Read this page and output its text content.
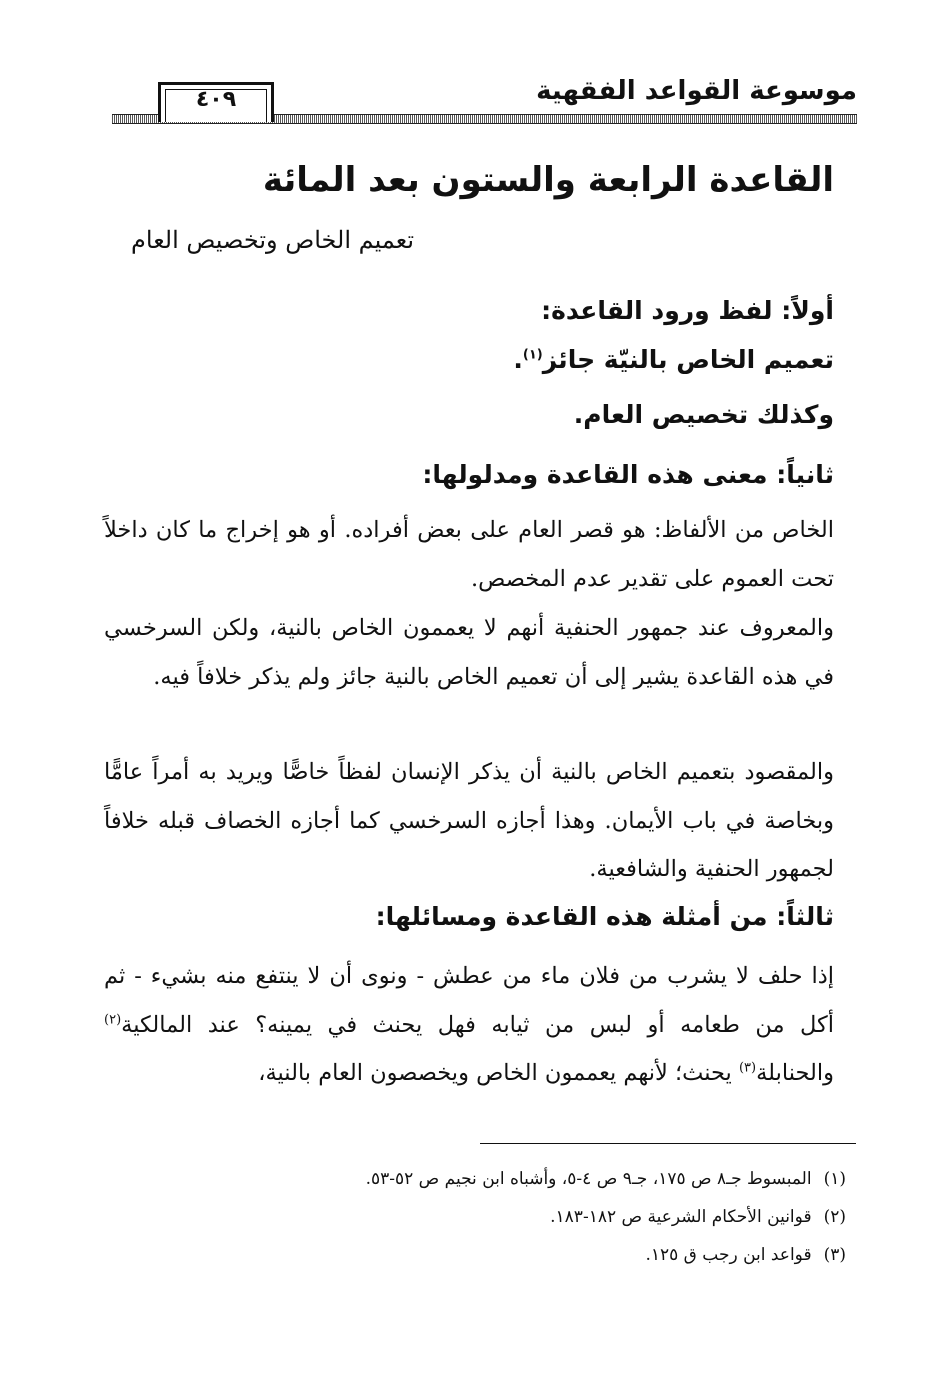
موسوعة القواعد الفقهية
٤٠٩
القاعدة الرابعة والستون بعد المائة
تعميم الخاص وتخصيص العام
أولاً: لفظ ورود القاعدة:
تعميم الخاص بالنيّة جائز$^{(١)}$.
وكذلك تخصيص العام.
ثانياً: معنى هذه القاعدة ومدلولها:
الخاص من الألفاظ: هو قصر العام على بعض أفراده. أو هو إخراج ما كان داخلاً تحت العموم على تقدير عدم المخصص.
والمعروف عند جمهور الحنفية أنهم لا يعممون الخاص بالنية، ولكن السرخسي في هذه القاعدة يشير إلى أن تعميم الخاص بالنية جائز ولم يذكر خلافاً فيه.
والمقصود بتعميم الخاص بالنية أن يذكر الإنسان لفظاً خاصًّا ويريد به أمراً عامًّا وبخاصة في باب الأيمان. وهذا أجازه السرخسي كما أجازه الخصاف قبله خلافاً لجمهور الحنفية والشافعية.
ثالثاً: من أمثلة هذه القاعدة ومسائلها:
إذا حلف لا يشرب من فلان ماء من عطش - ونوى أن لا ينتفع منه بشيء - ثم أكل من طعامه أو لبس من ثيابه فهل يحنث في يمينه؟ عند المالكية$^{(٢)}$ والحنابلة$^{(٣)}$ يحنث؛ لأنهم يعممون الخاص ويخصصون العام بالنية،
(١)المبسوط جـ٨ ص ١٧٥، جـ٩ ص ٤-٥، وأشباه ابن نجيم ص ٥٢-٥٣.
(٢)قوانين الأحكام الشرعية ص ١٨٢-١٨٣.
(٣)قواعد ابن رجب ق ١٢٥.
